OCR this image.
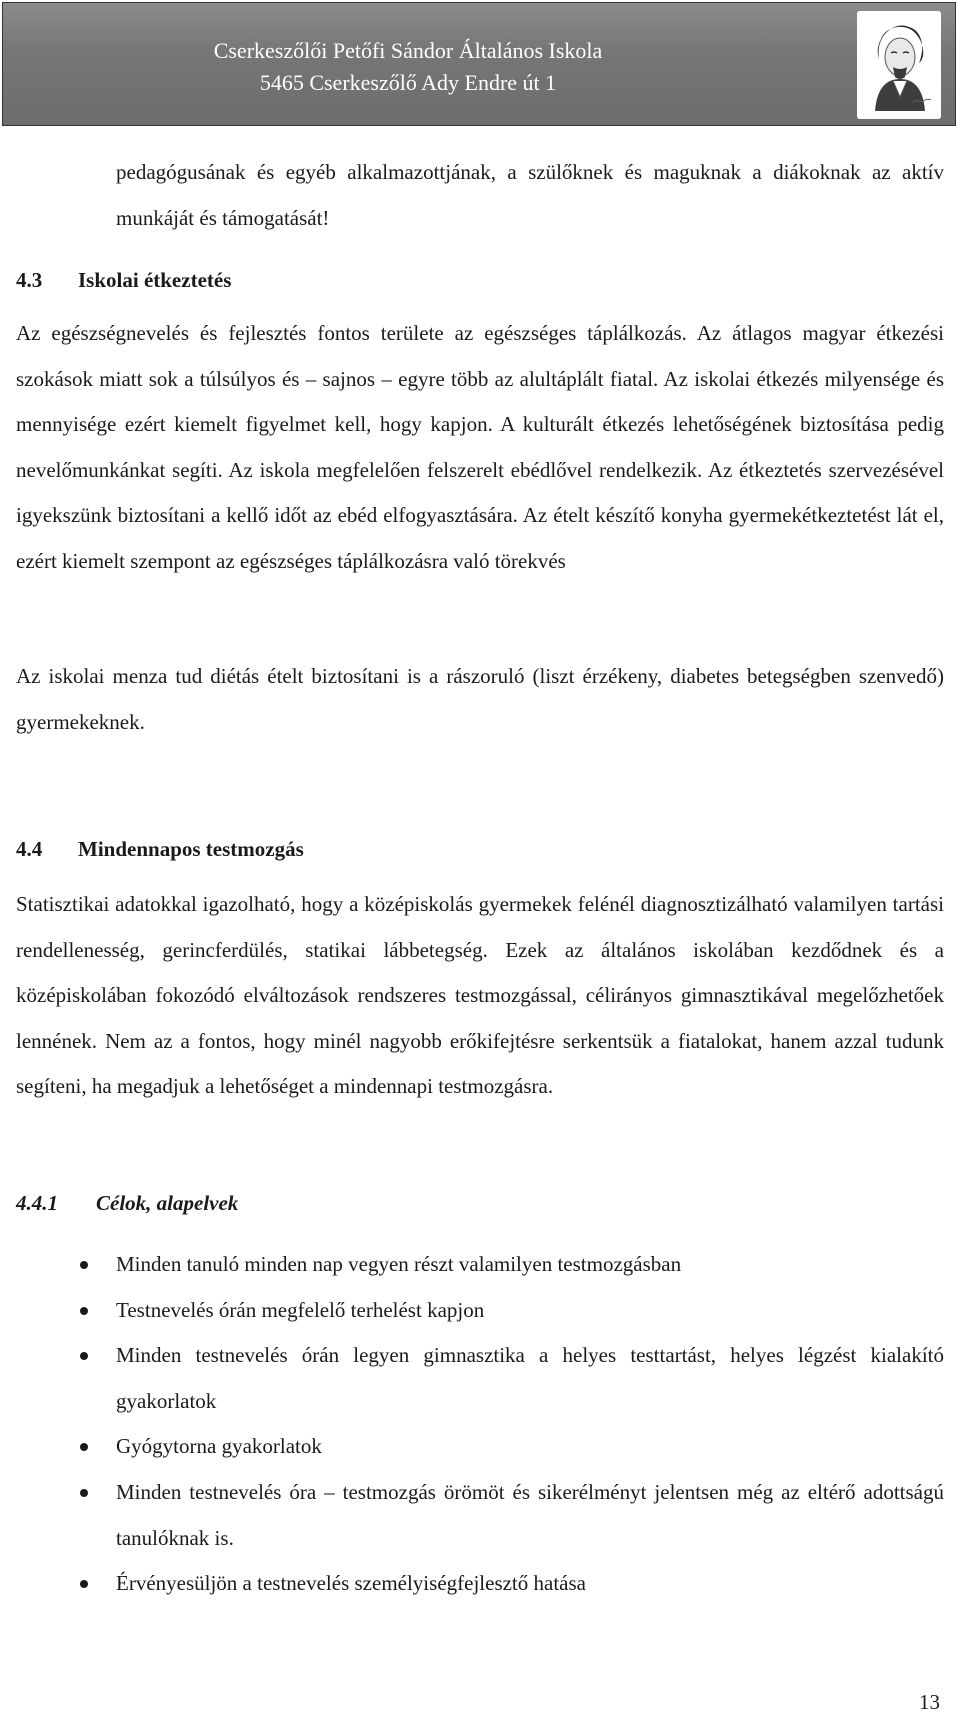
Cserkeszőlői Petőfi Sándor Általános Iskola
5465 Cserkeszőlő Ady Endre út 1

pedagógusának és egyéb alkalmazottjának, a szülőknek és maguknak a diákoknak az aktív munkáját és támogatását!

4.3 Iskolai étkeztetés

Az egészségnevelés és fejlesztés fontos területe az egészséges táplálkozás. Az átlagos magyar étkezési szokások miatt sok a túlsúlyos és – sajnos – egyre több az alultáplált fiatal. Az iskolai étkezés milyensége és mennyisége ezért kiemelt figyelmet kell, hogy kapjon. A kulturált étkezés lehetőségének biztosítása pedig nevelőmunkánkat segíti. Az iskola megfelelően felszerelt ebédlővel rendelkezik. Az étkeztetés szervezésével igyekszünk biztosítani a kellő időt az ebéd elfogyasztására. Az ételt készítő konyha gyermekétkeztetést lát el, ezért kiemelt szempont az egészséges táplálkozásra való törekvés

Az iskolai menza tud diétás ételt biztosítani is a rászoruló (liszt érzékeny, diabetes betegségben szenvedő) gyermekeknek.

4.4 Mindennapos testmozgás

Statisztikai adatokkal igazolható, hogy a középiskolás gyermekek felénél diagnosztizálható valamilyen tartási rendellenesség, gerincferdülés, statikai lábbetegség. Ezek az általános iskolában kezdődnek és a középiskolában fokozódó elváltozások rendszeres testmozgással, célirányos gimnasztikával megelőzhetőek lennének. Nem az a fontos, hogy minél nagyobb erőkifejtésre serkentsük a fiatalokat, hanem azzal tudunk segíteni, ha megadjuk a lehetőséget a mindennapi testmozgásra.

4.4.1 Célok, alapelvek
Minden tanuló minden nap vegyen részt valamilyen testmozgásban
Testnevelés órán megfelelő terhelést kapjon
Minden testnevelés órán legyen gimnasztika a helyes testtartást, helyes légzést kialakító gyakorlatok
Gyógytorna gyakorlatok
Minden testnevelés óra – testmozgás örömöt és sikerélményt jelentsen még az eltérő adottságú tanulóknak is.
Érvényesüljön a testnevelés személyiségfejlesztő hatása
13
